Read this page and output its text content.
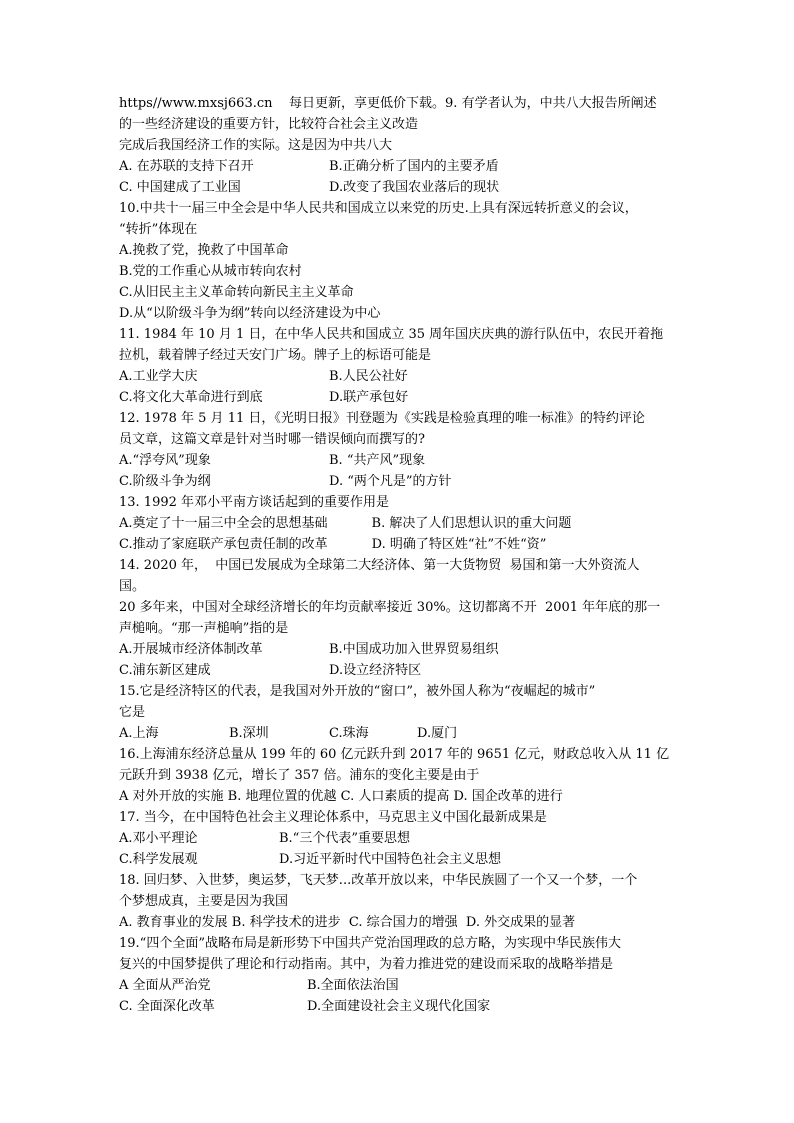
https//www.mxsj663.cn    每日更新，享更低价下载。9. 有学者认为，中共八大报告所阐述
的一些经济建设的重要方针，比较符合社会主义改造
完成后我国经济工作的实际。这是因为中共八大
A. 在苏联的支持下召开	B.正确分析了国内的主要矛盾
C. 中国建成了工业国	D.改变了我国农业落后的现状
10.中共十一届三中全会是中华人民共和国成立以来党的历史.上具有深远转折意义的会议，
“转折”体现在
A.挽救了党，挽救了中国革命
B.党的工作重心从城市转向农村
C.从旧民主主义革命转向新民主主义革命
D.从“以阶级斗争为纲”转向以经济建设为中心
11. 1984 年 10 月 1 日，在中华人民共和国成立 35 周年国庆庆典的游行队伍中，农民开着拖
拉机，载着牌子经过天安门广场。牌子上的标语可能是
A.工业学大庆	B.人民公社好
C.将文化大革命进行到底	D.联产承包好
12. 1978 年 5 月 11 日，《光明日报》刊登题为《实践是检验真理的唯一标准》的特约评论
员文章，这篇文章是针对当时哪一错误倾向而撰写的?
A.“浮夸风”现象	B. “共产风”现象
C.阶级斗争为纲	D. “两个凡是”的方针
13. 1992 年邓小平南方谈话起到的重要作用是
A.奠定了十一届三中全会的思想基础	B. 解决了人们思想认识的重大问题
C.推动了家庭联产承包责任制的改革	D. 明确了特区姓“社”不姓“资”
14. 2020 年，  中国已发展成为全球第二大经济体、第一大货物贸  易国和第一大外资流人
国。
20 多年来，中国对全球经济增长的年均贡献率接近 30%。这切都离不开  2001 年年底的那一
声槌响。“那一声槌响”指的是
A.开展城市经济体制改革	B.中国成功加入世界贸易组织
C.浦东新区建成	D.设立经济特区
15.它是经济特区的代表，是我国对外开放的“窗口”，被外国人称为“夜崛起的城市”
它是
A.上海	B.深圳	C.珠海	D.厦门
16.上海浦东经济总量从 199 年的 60 亿元跃升到 2017 年的 9651 亿元，财政总收入从 11 亿
元跃升到 3938 亿元，增长了 357 倍。浦东的变化主要是由于
A 对外开放的实施 B. 地理位置的优越 C. 人口素质的提高 D. 国企改革的进行
17. 当今，在中国特色社会主义理论体系中，马克思主义中国化最新成果是
A.邓小平理论	B.“三个代表”重要思想
C.科学发展观	D.习近平新时代中国特色社会主义思想
18. 回归梦、入世梦，奥运梦，飞天梦...改革开放以来，中华民族圆了一个又一个梦，一个
个梦想成真，主要是因为我国
A. 教育事业的发展 B. 科学技术的进步  C. 综合国力的增强  D. 外交成果的显著
19.“四个全面”战略布局是新形势下中国共产党治国理政的总方略，为实现中华民族伟大
复兴的中国梦提供了理论和行动指南。其中，为着力推进党的建设而采取的战略举措是
A 全面从严治党	B.全面依法治国
C. 全面深化改革	D.全面建设社会主义现代化国家
